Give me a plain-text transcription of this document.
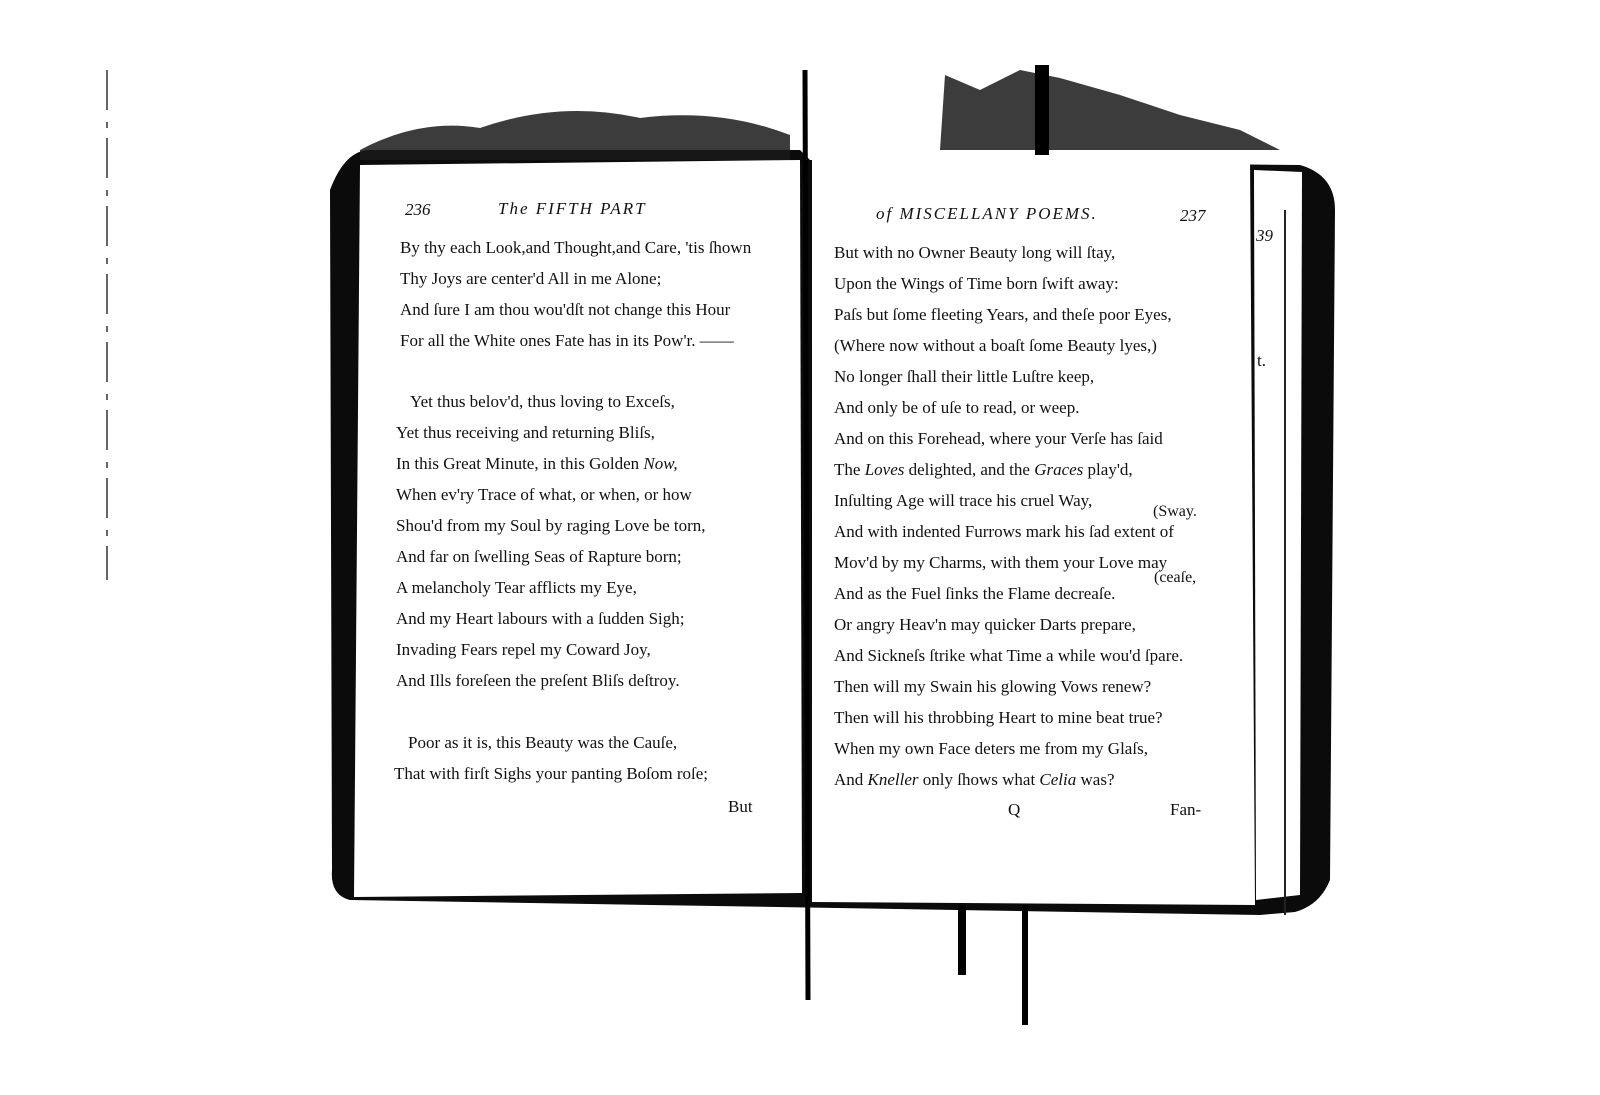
236	The FIFTH PART
By thy each Look,and Thought,and Care, 'tis ſhown
Thy Joys are center'd All in me Alone;
And ſure I am thou wou'dſt not change this Hour
For all the White ones Fate has in its Pow'r. ——
Yet thus belov'd, thus loving to Exceſs,
Yet thus receiving and returning Bliſs,
In this Great Minute, in this Golden Now,
When ev'ry Trace of what, or when, or how
Shou'd from my Soul by raging Love be torn,
And far on ſwelling Seas of Rapture born;
A melancholy Tear afflicts my Eye,
And my Heart labours with a ſudden Sigh;
Invading Fears repel my Coward Joy,
And Ills foreſeen the preſent Bliſs deſtroy.
Poor as it is, this Beauty was the Cauſe,
That with firſt Sighs your panting Boſom roſe;
But
of MISCELLANY POEMS.	237
But with no Owner Beauty long will ſtay,
Upon the Wings of Time born ſwift away:
Paſs but ſome fleeting Years, and theſe poor Eyes,
(Where now without a boaſt ſome Beauty lyes,)
No longer ſhall their little Luſtre keep,
And only be of uſe to read, or weep.
And on this Forehead, where your Verſe has ſaid
The Loves delighted, and the Graces play'd,
Inſulting Age will trace his cruel Way,
And with indented Furrows mark his ſad extent of
Mov'd by my Charms, with them your Love may
And as the Fuel ſinks the Flame decreaſe.
Or angry Heav'n may quicker Darts prepare,
And Sickneſs ſtrike what Time a while wou'd ſpare.
Then will my Swain his glowing Vows renew?
Then will his throbbing Heart to mine beat true?
When my own Face deters me from my Glaſs,
And Kneller only ſhows what Celia was?
(Sway.
(ceaſe,
Q	Fan-
39
t.
